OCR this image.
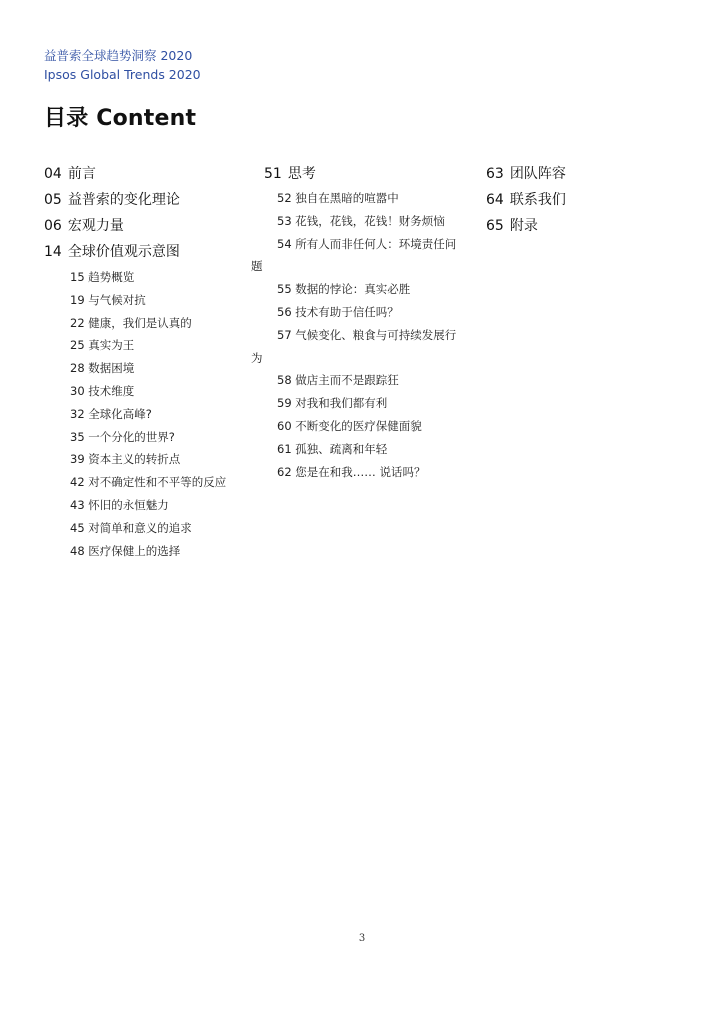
益普索全球趋势洞察 2020
Ipsos Global Trends 2020
目录 Content
04 前言
05 益普索的变化理论
06 宏观力量
14 全球价值观示意图
15 趋势概览
19 与气候对抗
22 健康，我们是认真的
25 真实为王
28 数据困境
30 技术维度
32 全球化高峰?
35 一个分化的世界?
39 资本主义的转折点
42 对不确定性和不平等的反应
43 怀旧的永恒魅力
45 对简单和意义的追求
48 医疗保健上的选择
51 思考
52 独自在黑暗的喧嚣中
53 花钱，花钱，花钱！财务烦恼
54 所有人而非任何人：环境责任问题
55 数据的悖论：真实必胜
56 技术有助于信任吗？
57 气候变化、粮食与可持续发展行为
58 做店主而不是跟踪狂
59 对我和我们都有利
60 不断变化的医疗保健面貌
61 孤独、疏离和年轻
62 您是在和我…… 说话吗？
63 团队阵容
64 联系我们
65 附录
3
